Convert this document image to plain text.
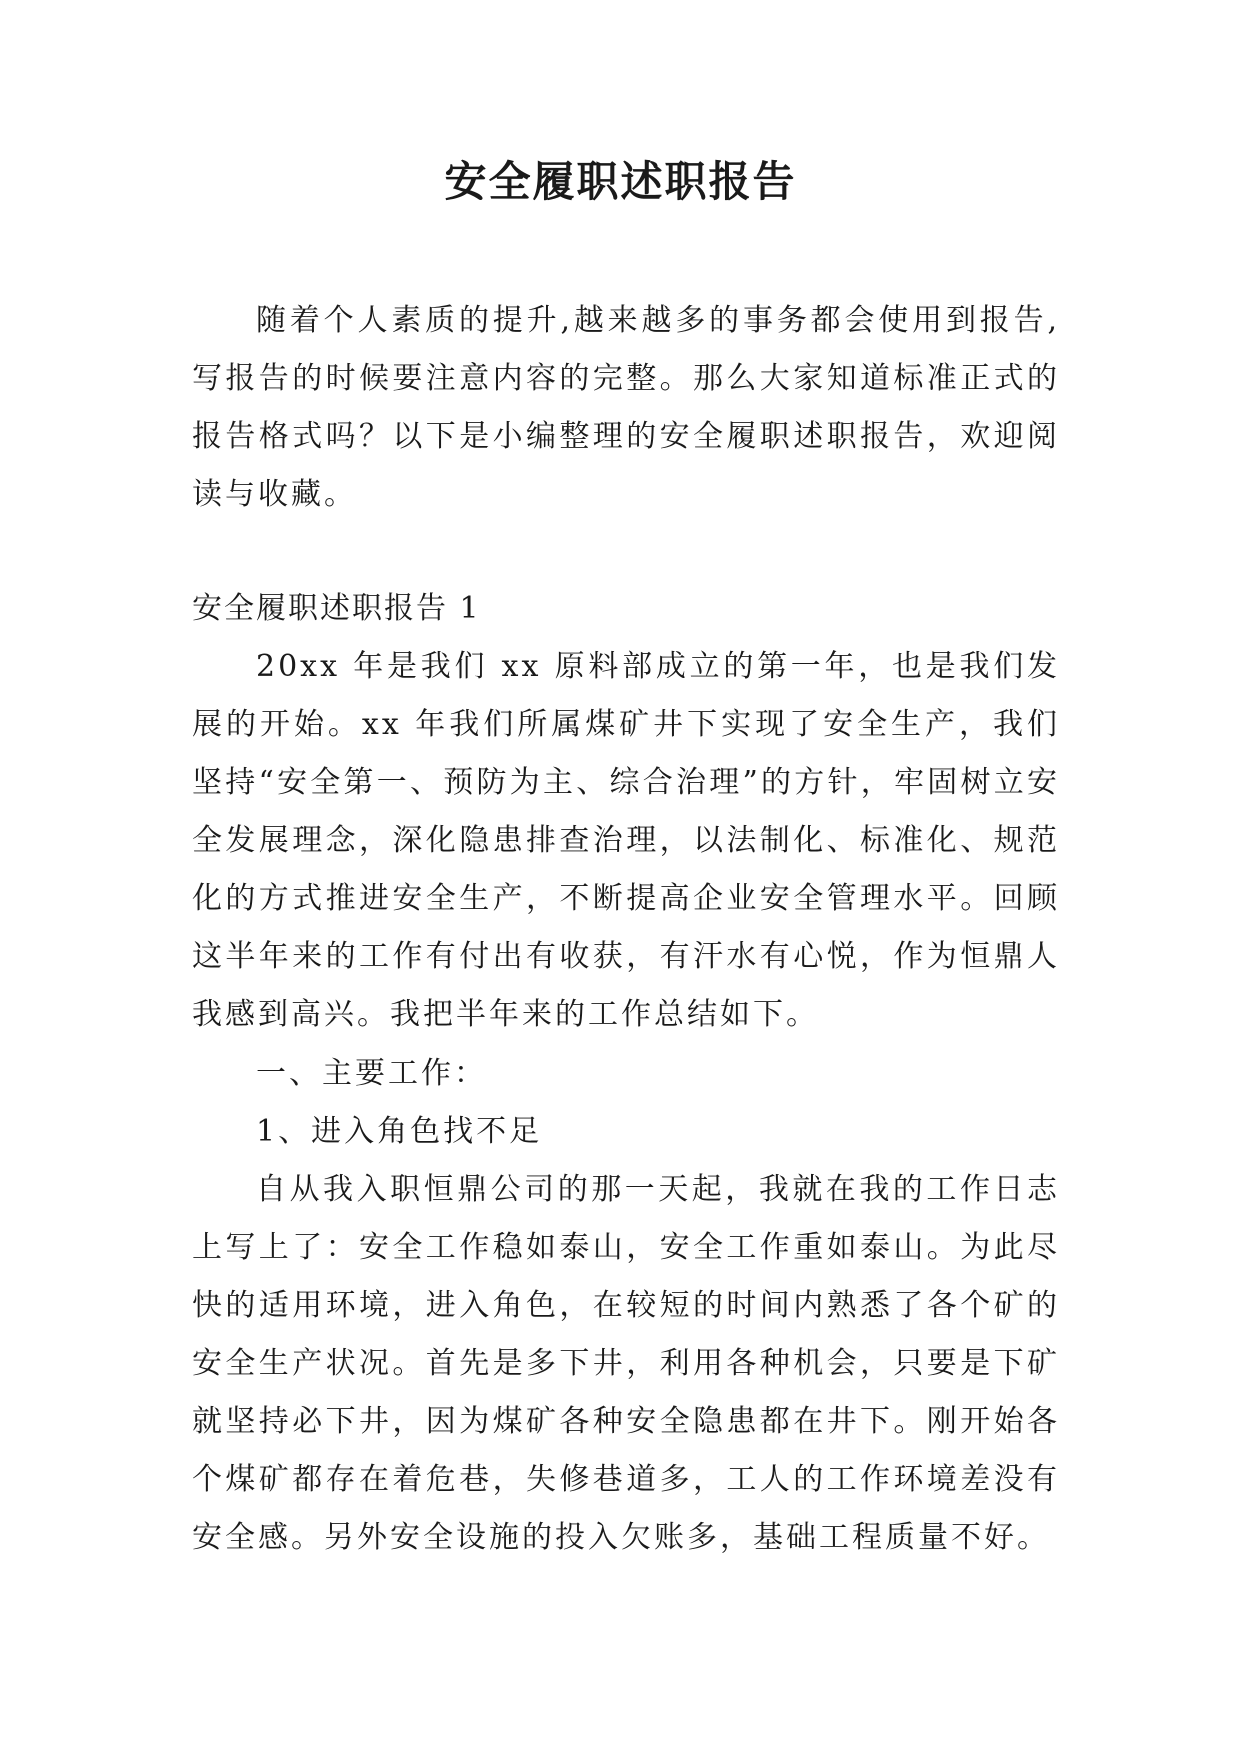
安全履职述职报告

随着个人素质的提升,越来越多的事务都会使用到报告,写报告的时候要注意内容的完整。那么大家知道标准正式的报告格式吗？以下是小编整理的安全履职述职报告，欢迎阅读与收藏。

安全履职述职报告 1

20xx 年是我们 xx 原料部成立的第一年，也是我们发展的开始。xx 年我们所属煤矿井下实现了安全生产，我们坚持“安全第一、预防为主、综合治理”的方针，牢固树立安全发展理念，深化隐患排查治理，以法制化、标准化、规范化的方式推进安全生产，不断提高企业安全管理水平。回顾这半年来的工作有付出有收获，有汗水有心悦，作为恒鼎人我感到高兴。我把半年来的工作总结如下。

一、主要工作：

1、进入角色找不足

自从我入职恒鼎公司的那一天起，我就在我的工作日志上写上了：安全工作稳如泰山，安全工作重如泰山。为此尽快的适用环境，进入角色，在较短的时间内熟悉了各个矿的安全生产状况。首先是多下井，利用各种机会，只要是下矿就坚持必下井，因为煤矿各种安全隐患都在井下。刚开始各个煤矿都存在着危巷，失修巷道多，工人的工作环境差没有安全感。另外安全设施的投入欠账多，基础工程质量不好。
